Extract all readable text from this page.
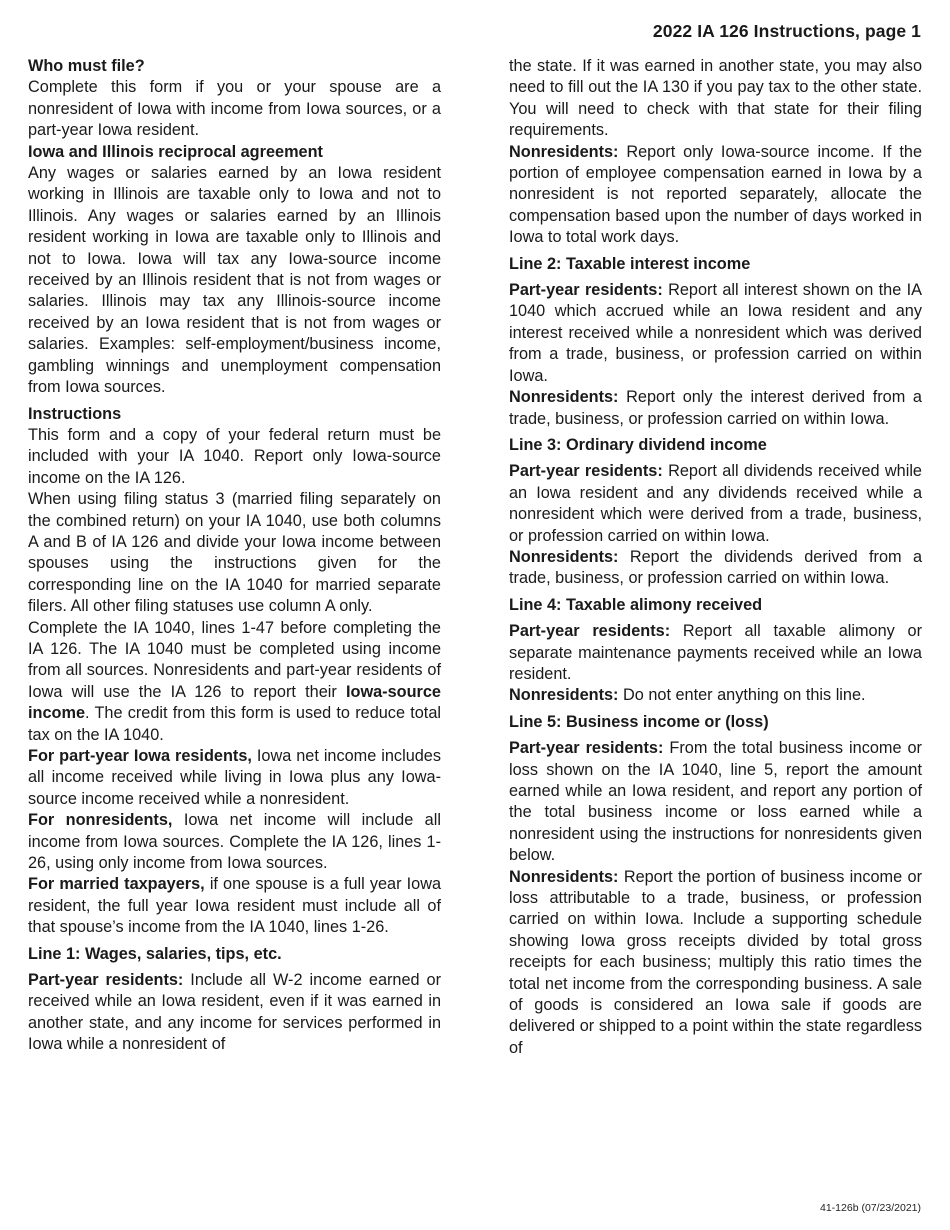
2022 IA 126 Instructions, page 1
Who must file?

Complete this form if you or your spouse are a nonresident of Iowa with income from Iowa sources, or a part-year Iowa resident.

Iowa and Illinois reciprocal agreement

Any wages or salaries earned by an Iowa resident working in Illinois are taxable only to Iowa and not to Illinois. Any wages or salaries earned by an Illinois resident working in Iowa are taxable only to Illinois and not to Iowa. Iowa will tax any Iowa-source income received by an Illinois resident that is not from wages or salaries. Illinois may tax any Illinois-source income received by an Iowa resident that is not from wages or salaries. Examples: self-employment/business income, gambling winnings and unemployment compensation from Iowa sources.

Instructions

This form and a copy of your federal return must be included with your IA 1040. Report only Iowa-source income on the IA 126.

When using filing status 3 (married filing separately on the combined return) on your IA 1040, use both columns A and B of IA 126 and divide your Iowa income between spouses using the instructions given for the corresponding line on the IA 1040 for married separate filers. All other filing statuses use column A only.

Complete the IA 1040, lines 1-47 before completing the IA 126. The IA 1040 must be completed using income from all sources. Nonresidents and part-year residents of Iowa will use the IA 126 to report their Iowa-source income. The credit from this form is used to reduce total tax on the IA 1040.

For part-year Iowa residents, Iowa net income includes all income received while living in Iowa plus any Iowa-source income received while a nonresident.

For nonresidents, Iowa net income will include all income from Iowa sources. Complete the IA 126, lines 1-26, using only income from Iowa sources.

For married taxpayers, if one spouse is a full year Iowa resident, the full year Iowa resident must include all of that spouse’s income from the IA 1040, lines 1-26.

Line 1: Wages, salaries, tips, etc.

Part-year residents: Include all W-2 income earned or received while an Iowa resident, even if it was earned in another state, and any income for services performed in Iowa while a nonresident of

the state. If it was earned in another state, you may also need to fill out the IA 130 if you pay tax to the other state. You will need to check with that state for their filing requirements.

Nonresidents: Report only Iowa-source income. If the portion of employee compensation earned in Iowa by a nonresident is not reported separately, allocate the compensation based upon the number of days worked in Iowa to total work days.

Line 2: Taxable interest income

Part-year residents: Report all interest shown on the IA 1040 which accrued while an Iowa resident and any interest received while a nonresident which was derived from a trade, business, or profession carried on within Iowa.

Nonresidents: Report only the interest derived from a trade, business, or profession carried on within Iowa.

Line 3: Ordinary dividend income

Part-year residents: Report all dividends received while an Iowa resident and any dividends received while a nonresident which were derived from a trade, business, or profession carried on within Iowa.

Nonresidents: Report the dividends derived from a trade, business, or profession carried on within Iowa.

Line 4: Taxable alimony received

Part-year residents: Report all taxable alimony or separate maintenance payments received while an Iowa resident.

Nonresidents: Do not enter anything on this line.

Line 5: Business income or (loss)

Part-year residents: From the total business income or loss shown on the IA 1040, line 5, report the amount earned while an Iowa resident, and report any portion of the total business income or loss earned while a nonresident using the instructions for nonresidents given below.

Nonresidents: Report the portion of business income or loss attributable to a trade, business, or profession carried on within Iowa. Include a supporting schedule showing Iowa gross receipts divided by total gross receipts for each business; multiply this ratio times the total net income from the corresponding business. A sale of goods is considered an Iowa sale if goods are delivered or shipped to a point within the state regardless of

41-126b (07/23/2021)
